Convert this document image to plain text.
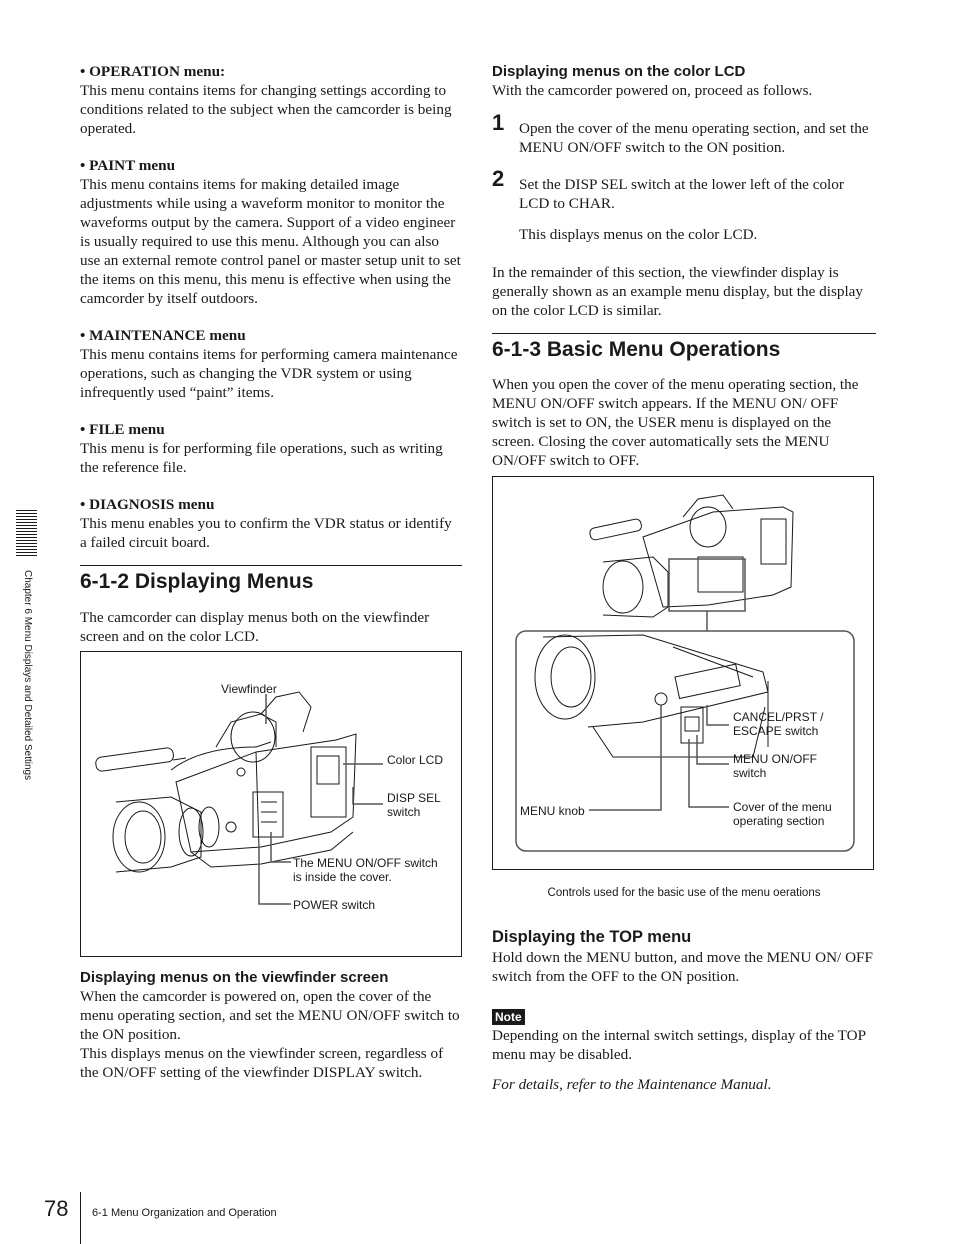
Chapter 6 Menu Displays and Detailed Settings

• OPERATION menu:

This menu contains items for changing settings according to conditions related to the subject when the camcorder is being operated.

• PAINT menu

This menu contains items for making detailed image adjustments while using a waveform monitor to monitor the waveforms output by the camera. Support of a video engineer is usually required to use this menu. Although you can also use an external remote control panel or master setup unit to set the items on this menu, this menu is effective when using the camcorder by itself outdoors.

• MAINTENANCE menu

This menu contains items for performing camera maintenance operations, such as changing the VDR system or using infrequently used “paint” items.

• FILE menu

This menu is for performing file operations, such as writing the reference file.

• DIAGNOSIS menu

This menu enables you to confirm the VDR status or identify a failed circuit board.

6-1-2 Displaying Menus

The camcorder can display menus both on the viewfinder screen and on the color LCD.

Viewfinder
Color LCD
DISP SEL
switch
The MENU ON/OFF switch
is inside the cover.
POWER switch
Displaying menus on the viewfinder screen

When the camcorder is powered on, open the cover of the menu operating section, and set the MENU ON/OFF switch to the ON position.

This displays menus on the viewfinder screen, regardless of the ON/OFF setting of the viewfinder DISPLAY switch.

Displaying menus on the color LCD

With the camcorder powered on, proceed as follows.

1 Open the cover of the menu operating section, and set the MENU ON/OFF switch to the ON position.

2 Set the DISP SEL switch at the lower left of the color LCD to CHAR.

This displays menus on the color LCD.

In the remainder of this section, the viewfinder display is generally shown as an example menu display, but the display on the color LCD is similar.

6-1-3 Basic Menu Operations

When you open the cover of the menu operating section, the MENU ON/OFF switch appears. If the MENU ON/ OFF switch is set to ON, the USER menu is displayed on the screen. Closing the cover automatically sets the MENU ON/OFF switch to OFF.

CANCEL/PRST /
ESCAPE switch
MENU ON/OFF
switch
MENU knob	Cover of the menu
operating section

Controls used for the basic use of the menu oerations

Displaying the TOP menu

Hold down the MENU button, and move the MENU ON/ OFF switch from the OFF to the ON position.

Note

Depending on the internal switch settings, display of the TOP menu may be disabled.

For details, refer to the Maintenance Manual.

78 6-1 Menu Organization and Operation
